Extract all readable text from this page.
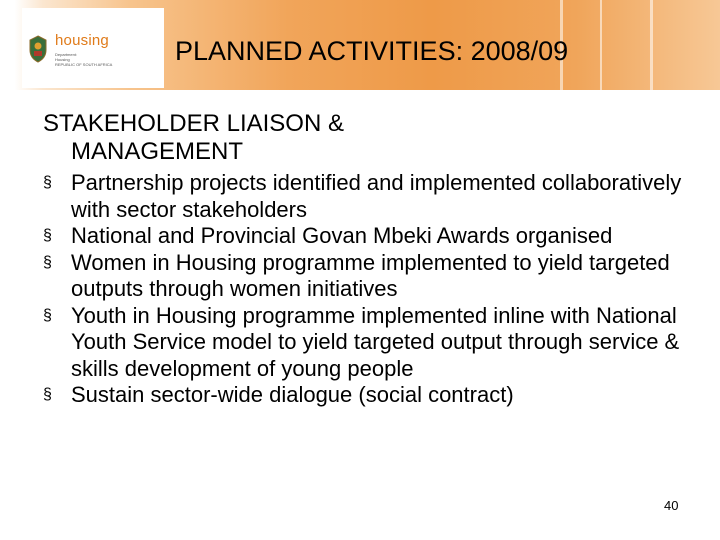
housing
Department:
Housing
REPUBLIC OF SOUTH AFRICA PLANNED ACTIVITIES: 2008/09
STAKEHOLDER LIAISON &
MANAGEMENT
§ Partnership projects identified and implemented collaboratively with sector stakeholders
§ National and Provincial Govan Mbeki Awards organised
§ Women in Housing programme implemented to yield targeted outputs through women initiatives
§ Youth in Housing programme implemented inline with National Youth Service model to yield targeted output through service & skills development of young people
§ Sustain sector-wide dialogue (social contract)
40
